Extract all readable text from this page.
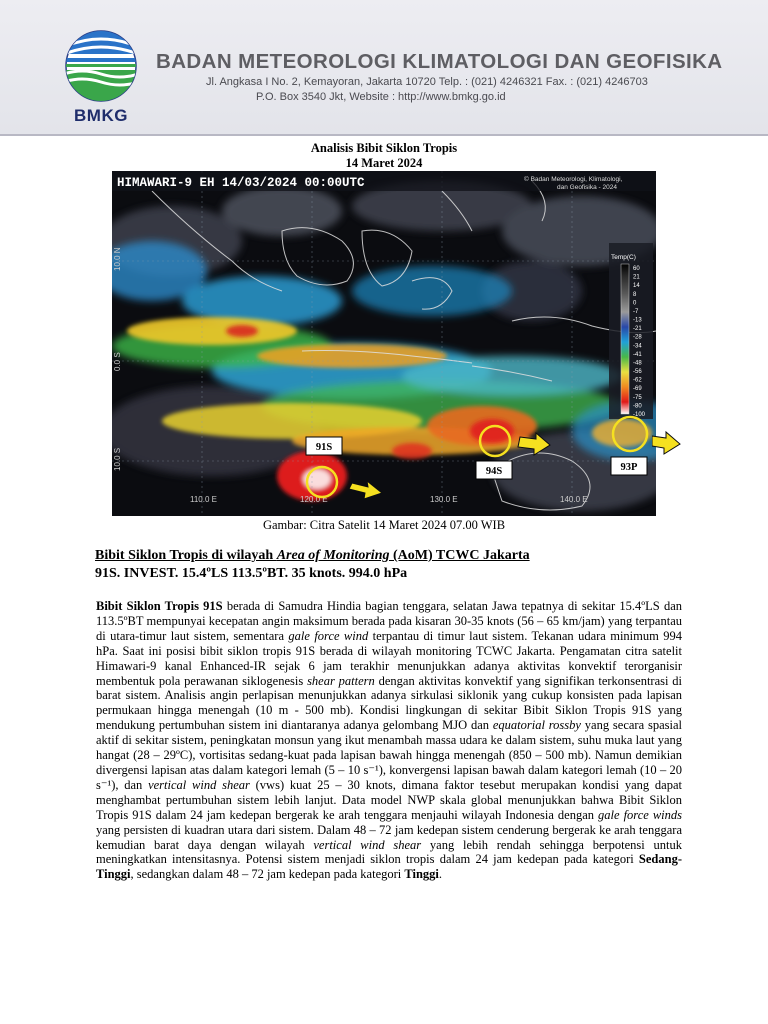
BMKG
BADAN METEOROLOGI KLIMATOLOGI DAN GEOFISIKA
Jl. Angkasa I No. 2, Kemayoran, Jakarta 10720 Telp. : (021) 4246321 Fax. : (021) 4246703
P.O. Box 3540 Jkt, Website : http://www.bmkg.go.id
Analisis Bibit Siklon Tropis
14 Maret 2024
HIMAWARI-9 EH 14/03/2024 00:00UTC	© Badan Meteorologi, Klimatologi,
dan Geofisika - 2024
10.0 N
0.0 S
10.0 S
110.0 E	120.0 E	130.0 E	140.0 E
Temp(C)
60
21
14
8
0
-7
-13
-21
-28
-34
-41
-48
-56
-62
-69
-75
-80
-100
91S
94S	93P
Gambar: Citra Satelit 14 Maret 2024 07.00 WIB
Bibit Siklon Tropis di wilayah Area of Monitoring (AoM) TCWC Jakarta
91S. INVEST. 15.4ºLS 113.5ºBT. 35 knots. 994.0 hPa
Bibit Siklon Tropis 91S berada di Samudra Hindia bagian tenggara, selatan Jawa tepatnya di sekitar 15.4ºLS dan 113.5ºBT mempunyai kecepatan angin maksimum berada pada kisaran 30-35 knots (56 – 65 km/jam) yang terpantau di utara-timur laut sistem, sementara gale force wind terpantau di timur laut sistem. Tekanan udara minimum 994 hPa. Saat ini posisi bibit siklon tropis 91S berada di wilayah monitoring TCWC Jakarta. Pengamatan citra satelit Himawari-9 kanal Enhanced-IR sejak 6 jam terakhir menunjukkan adanya aktivitas konvektif terorganisir membentuk pola perawanan siklogenesis shear pattern dengan aktivitas konvektif yang signifikan terkonsentrasi di barat sistem. Analisis angin perlapisan menunjukkan adanya sirkulasi siklonik yang cukup konsisten pada lapisan permukaan hingga menengah (10 m - 500 mb). Kondisi lingkungan di sekitar Bibit Siklon Tropis 91S yang mendukung pertumbuhan sistem ini diantaranya adanya gelombang MJO dan equatorial rossby yang secara spasial aktif di sekitar sistem, peningkatan monsun yang ikut menambah massa udara ke dalam sistem, suhu muka laut yang hangat (28 – 29ºC), vortisitas sedang-kuat pada lapisan bawah hingga menengah (850 – 500 mb). Namun demikian divergensi lapisan atas dalam kategori lemah (5 – 10 s⁻¹), konvergensi lapisan bawah dalam kategori lemah (10 – 20 s⁻¹), dan vertical wind shear (vws) kuat 25 – 30 knots, dimana faktor tesebut merupakan kondisi yang dapat menghambat pertumbuhan sistem lebih lanjut. Data model NWP skala global menunjukkan bahwa Bibit Siklon Tropis 91S dalam 24 jam kedepan bergerak ke arah tenggara menjauhi wilayah Indonesia dengan gale force winds yang persisten di kuadran utara dari sistem. Dalam 48 – 72 jam kedepan sistem cenderung bergerak ke arah tenggara kemudian barat daya dengan wilayah vertical wind shear yang lebih rendah sehingga berpotensi untuk meningkatkan intensitasnya. Potensi sistem menjadi siklon tropis dalam 24 jam kedepan pada kategori Sedang-Tinggi, sedangkan dalam 48 – 72 jam kedepan pada kategori Tinggi.
